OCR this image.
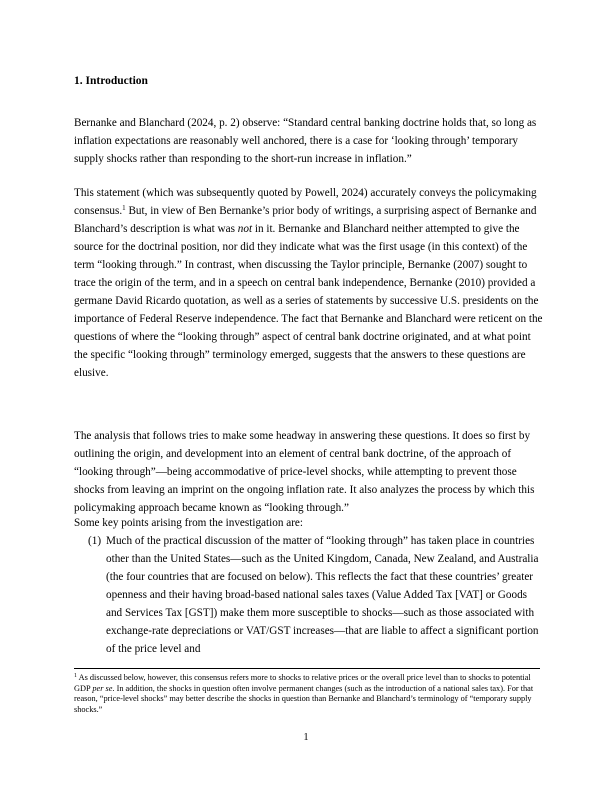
1. Introduction

Bernanke and Blanchard (2024, p. 2) observe: “Standard central banking doctrine holds that, so long as inflation expectations are reasonably well anchored, there is a case for ‘looking through’ temporary supply shocks rather than responding to the short-run increase in inflation.”

This statement (which was subsequently quoted by Powell, 2024) accurately conveys the policymaking consensus.$^1$ But, in view of Ben Bernanke’s prior body of writings, a surprising aspect of Bernanke and Blanchard’s description is what was not in it. Bernanke and Blanchard neither attempted to give the source for the doctrinal position, nor did they indicate what was the first usage (in this context) of the term “looking through.” In contrast, when discussing the Taylor principle, Bernanke (2007) sought to trace the origin of the term, and in a speech on central bank independence, Bernanke (2010) provided a germane David Ricardo quotation, as well as a series of statements by successive U.S. presidents on the importance of Federal Reserve independence. The fact that Bernanke and Blanchard were reticent on the questions of where the “looking through” aspect of central bank doctrine originated, and at what point the specific “looking through” terminology emerged, suggests that the answers to these questions are elusive.

The analysis that follows tries to make some headway in answering these questions. It does so first by outlining the origin, and development into an element of central bank doctrine, of the approach of “looking through”—being accommodative of price-level shocks, while attempting to prevent those shocks from leaving an imprint on the ongoing inflation rate. It also analyzes the process by which this policymaking approach became known as “looking through.”

Some key points arising from the investigation are:

(1) Much of the practical discussion of the matter of “looking through” has taken place in countries other than the United States—such as the United Kingdom, Canada, New Zealand, and Australia (the four countries that are focused on below). This reflects the fact that these countries’ greater openness and their having broad-based national sales taxes (Value Added Tax [VAT] or Goods and Services Tax [GST]) make them more susceptible to shocks—such as those associated with exchange-rate depreciations or VAT/GST increases—that are liable to affect a significant portion of the price level and

$^1$ As discussed below, however, this consensus refers more to shocks to relative prices or the overall price level than to shocks to potential GDP per se. In addition, the shocks in question often involve permanent changes (such as the introduction of a national sales tax). For that reason, “price-level shocks” may better describe the shocks in question than Bernanke and Blanchard’s terminology of “temporary supply shocks.”

1
